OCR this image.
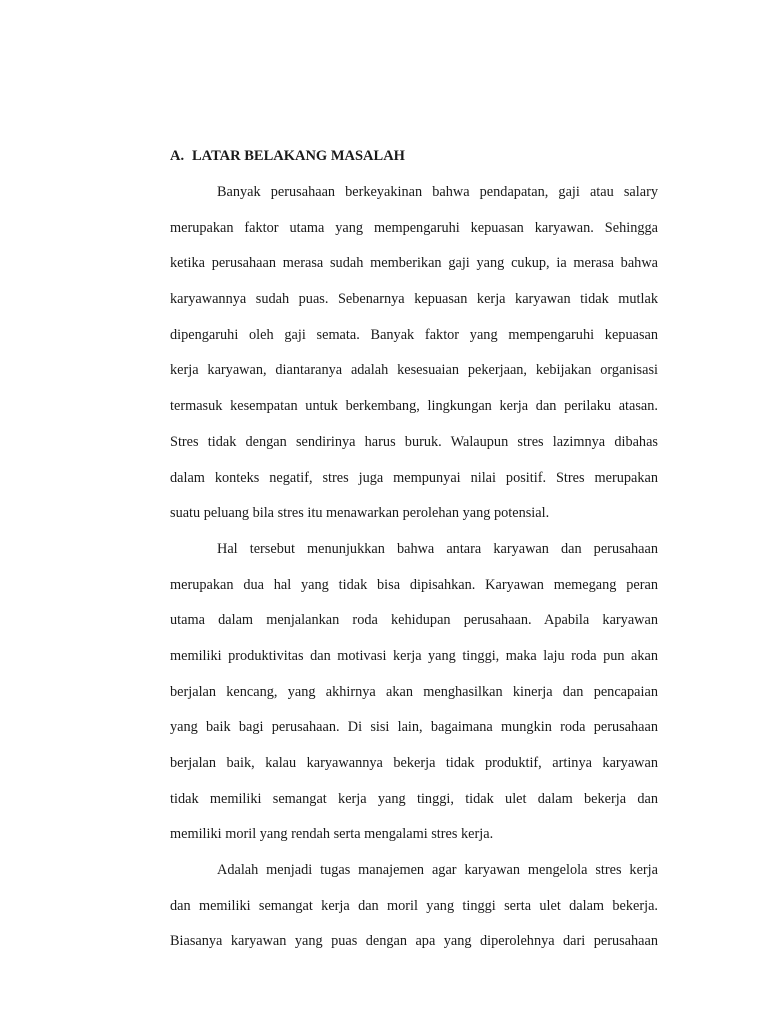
A. LATAR BELAKANG MASALAH
Banyak perusahaan berkeyakinan bahwa pendapatan, gaji atau salary
merupakan faktor utama yang mempengaruhi kepuasan karyawan. Sehingga
ketika perusahaan merasa sudah memberikan gaji yang cukup, ia merasa bahwa
karyawannya sudah puas. Sebenarnya kepuasan kerja karyawan tidak mutlak
dipengaruhi oleh gaji semata. Banyak faktor yang mempengaruhi kepuasan
kerja karyawan, diantaranya adalah kesesuaian pekerjaan, kebijakan organisasi
termasuk kesempatan untuk berkembang, lingkungan kerja dan perilaku atasan.
Stres tidak dengan sendirinya harus buruk. Walaupun stres lazimnya dibahas
dalam konteks negatif, stres juga mempunyai nilai positif. Stres merupakan
suatu peluang bila stres itu menawarkan perolehan yang potensial.
Hal tersebut menunjukkan bahwa antara karyawan dan perusahaan
merupakan dua hal yang tidak bisa dipisahkan. Karyawan memegang peran
utama dalam menjalankan roda kehidupan perusahaan. Apabila karyawan
memiliki produktivitas dan motivasi kerja yang tinggi, maka laju roda pun akan
berjalan kencang, yang akhirnya akan menghasilkan kinerja dan pencapaian
yang baik bagi perusahaan. Di sisi lain, bagaimana mungkin roda perusahaan
berjalan baik, kalau karyawannya bekerja tidak produktif, artinya karyawan
tidak memiliki semangat kerja yang tinggi, tidak ulet dalam bekerja dan
memiliki moril yang rendah serta mengalami stres kerja.
Adalah menjadi tugas manajemen agar karyawan mengelola stres kerja
dan memiliki semangat kerja dan moril yang tinggi serta ulet dalam bekerja.
Biasanya karyawan yang puas dengan apa yang diperolehnya dari perusahaan
